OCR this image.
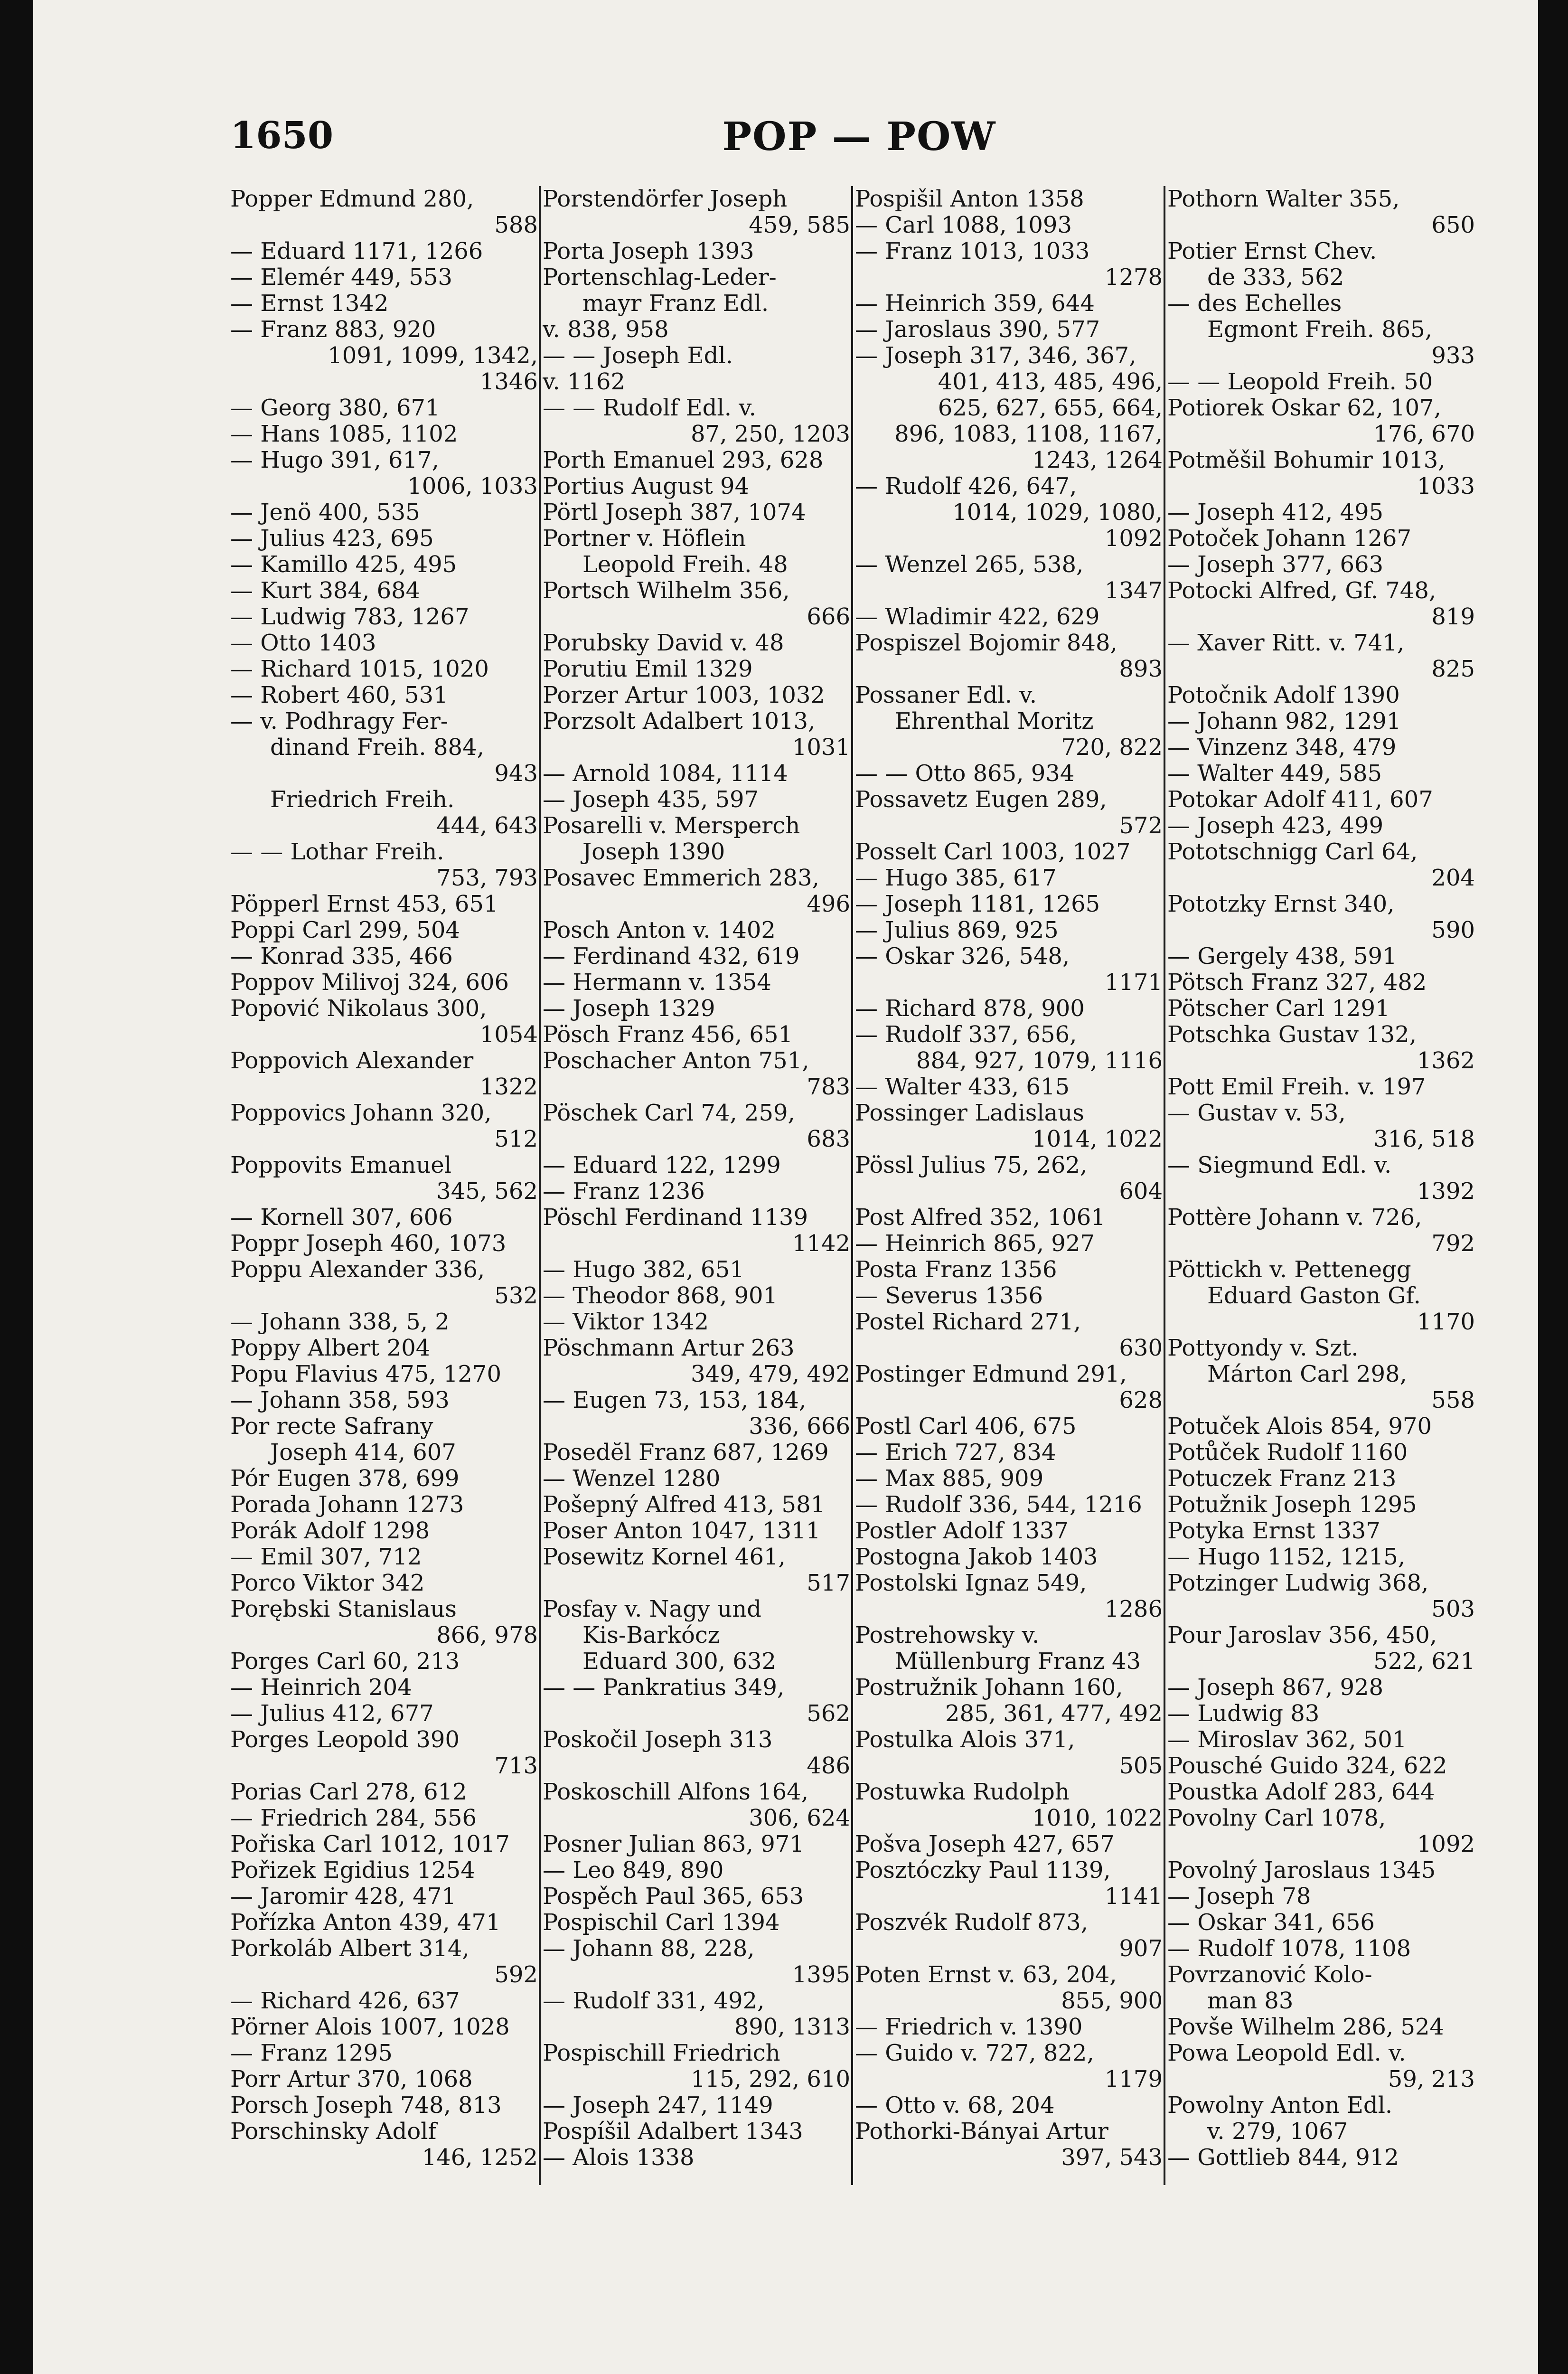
1650	POP — POW
Popper Edmund 280,
588
— Eduard 1171, 1266
— Elemér 449, 553
— Ernst 1342
— Franz 883, 920
1091, 1099, 1342,
1346
— Georg 380, 671
— Hans 1085, 1102
— Hugo 391, 617,
1006, 1033
— Jenö 400, 535
— Julius 423, 695
— Kamillo 425, 495
— Kurt 384, 684
— Ludwig 783, 1267
— Otto 1403
— Richard 1015, 1020
— Robert 460, 531
— v. Podhragy Fer-
dinand Freih. 884,
943
Friedrich Freih.
444, 643
— — Lothar Freih.
753, 793
Pöpperl Ernst 453, 651
Poppi Carl 299, 504
— Konrad 335, 466
Poppov Milivoj 324, 606
Popović Nikolaus 300,
1054
Poppovich Alexander
1322
Poppovics Johann 320,
512
Poppovits Emanuel
345, 562
— Kornell 307, 606
Poppr Joseph 460, 1073
Poppu Alexander 336,
532
— Johann 338, 5, 2
Poppy Albert 204
Popu Flavius 475, 1270
— Johann 358, 593
Por recte Safrany
Joseph 414, 607
Pór Eugen 378, 699
Porada Johann 1273
Porák Adolf 1298
— Emil 307, 712
Porco Viktor 342
Porębski Stanislaus
866, 978
Porges Carl 60, 213
— Heinrich 204
— Julius 412, 677
Porges Leopold 390
713
Porias Carl 278, 612
— Friedrich 284, 556
Pořiska Carl 1012, 1017
Pořizek Egidius 1254
— Jaromir 428, 471
Pořízka Anton 439, 471
Porkoláb Albert 314,
592
— Richard 426, 637
Pörner Alois 1007, 1028
— Franz 1295
Porr Artur 370, 1068
Porsch Joseph 748, 813
Porschinsky Adolf
146, 1252
Porstendörfer Joseph
459, 585
Porta Joseph 1393
Portenschlag-Leder-
mayr Franz Edl.
v. 838, 958
— — Joseph Edl.
v. 1162
— — Rudolf Edl. v.
87, 250, 1203
Porth Emanuel 293, 628
Portius August 94
Pörtl Joseph 387, 1074
Portner v. Höflein
Leopold Freih. 48
Portsch Wilhelm 356,
666
Porubsky David v. 48
Porutiu Emil 1329
Porzer Artur 1003, 1032
Porzsolt Adalbert 1013,
1031
— Arnold 1084, 1114
— Joseph 435, 597
Posarelli v. Mersperch
Joseph 1390
Posavec Emmerich 283,
496
Posch Anton v. 1402
— Ferdinand 432, 619
— Hermann v. 1354
— Joseph 1329
Pösch Franz 456, 651
Poschacher Anton 751,
783
Pöschek Carl 74, 259,
683
— Eduard 122, 1299
— Franz 1236
Pöschl Ferdinand 1139
1142
— Hugo 382, 651
— Theodor 868, 901
— Viktor 1342
Pöschmann Artur 263
349, 479, 492
— Eugen 73, 153, 184,
336, 666
Posedĕl Franz 687, 1269
— Wenzel 1280
Pošepný Alfred 413, 581
Poser Anton 1047, 1311
Posewitz Kornel 461,
517
Posfay v. Nagy und
Kis-Barkócz
Eduard 300, 632
— — Pankratius 349,
562
Poskočil Joseph 313
486
Poskoschill Alfons 164,
306, 624
Posner Julian 863, 971
— Leo 849, 890
Pospěch Paul 365, 653
Pospischil Carl 1394
— Johann 88, 228,
1395
— Rudolf 331, 492,
890, 1313
Pospischill Friedrich
115, 292, 610
— Joseph 247, 1149
Pospíšil Adalbert 1343
— Alois 1338
Pospišil Anton 1358
— Carl 1088, 1093
— Franz 1013, 1033
1278
— Heinrich 359, 644
— Jaroslaus 390, 577
— Joseph 317, 346, 367,
401, 413, 485, 496,
625, 627, 655, 664,
896, 1083, 1108, 1167,
1243, 1264
— Rudolf 426, 647,
1014, 1029, 1080,
1092
— Wenzel 265, 538,
1347
— Wladimir 422, 629
Pospiszel Bojomir 848,
893
Possaner Edl. v.
Ehrenthal Moritz
720, 822
— — Otto 865, 934
Possavetz Eugen 289,
572
Posselt Carl 1003, 1027
— Hugo 385, 617
— Joseph 1181, 1265
— Julius 869, 925
— Oskar 326, 548,
1171
— Richard 878, 900
— Rudolf 337, 656,
884, 927, 1079, 1116
— Walter 433, 615
Possinger Ladislaus
1014, 1022
Pössl Julius 75, 262,
604
Post Alfred 352, 1061
— Heinrich 865, 927
Posta Franz 1356
— Severus 1356
Postel Richard 271,
630
Postinger Edmund 291,
628
Postl Carl 406, 675
— Erich 727, 834
— Max 885, 909
— Rudolf 336, 544, 1216
Postler Adolf 1337
Postogna Jakob 1403
Postolski Ignaz 549,
1286
Postrehowsky v.
Müllenburg Franz 43
Postružnik Johann 160,
285, 361, 477, 492
Postulka Alois 371,
505
Postuwka Rudolph
1010, 1022
Pošva Joseph 427, 657
Posztóczky Paul 1139,
1141
Poszvék Rudolf 873,
907
Poten Ernst v. 63, 204,
855, 900
— Friedrich v. 1390
— Guido v. 727, 822,
1179
— Otto v. 68, 204
Pothorki-Bányai Artur
397, 543
Pothorn Walter 355,
650
Potier Ernst Chev.
de 333, 562
— des Echelles
Egmont Freih. 865,
933
— — Leopold Freih. 50
Potiorek Oskar 62, 107,
176, 670
Potměšil Bohumir 1013,
1033
— Joseph 412, 495
Potoček Johann 1267
— Joseph 377, 663
Potocki Alfred, Gf. 748,
819
— Xaver Ritt. v. 741,
825
Potočnik Adolf 1390
— Johann 982, 1291
— Vinzenz 348, 479
— Walter 449, 585
Potokar Adolf 411, 607
— Joseph 423, 499
Pototschnigg Carl 64,
204
Pototzky Ernst 340,
590
— Gergely 438, 591
Pötsch Franz 327, 482
Pötscher Carl 1291
Potschka Gustav 132,
1362
Pott Emil Freih. v. 197
— Gustav v. 53,
316, 518
— Siegmund Edl. v.
1392
Pottère Johann v. 726,
792
Pöttickh v. Pettenegg
Eduard Gaston Gf.
1170
Pottyondy v. Szt.
Márton Carl 298,
558
Potuček Alois 854, 970
Potůček Rudolf 1160
Potuczek Franz 213
Potužnik Joseph 1295
Potyka Ernst 1337
— Hugo 1152, 1215,
Potzinger Ludwig 368,
503
Pour Jaroslav 356, 450,
522, 621
— Joseph 867, 928
— Ludwig 83
— Miroslav 362, 501
Pousché Guido 324, 622
Poustka Adolf 283, 644
Povolny Carl 1078,
1092
Povolný Jaroslaus 1345
— Joseph 78
— Oskar 341, 656
— Rudolf 1078, 1108
Povrzanović Kolo-
man 83
Povše Wilhelm 286, 524
Powa Leopold Edl. v.
59, 213
Powolny Anton Edl.
v. 279, 1067
— Gottlieb 844, 912
